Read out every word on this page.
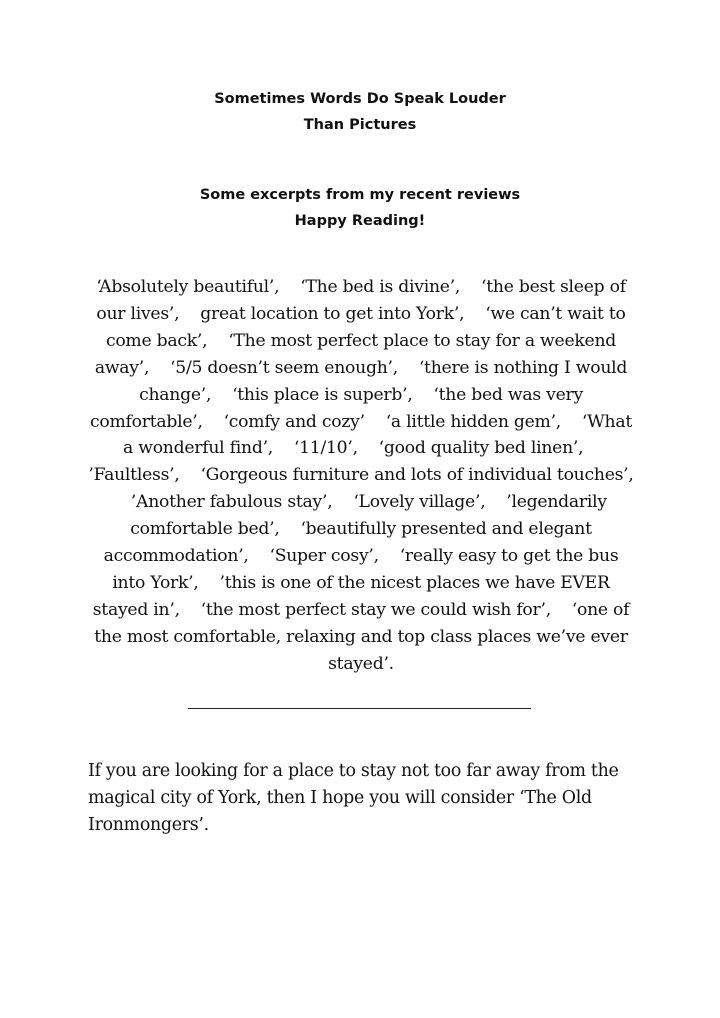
Sometimes Words Do Speak Louder
Than Pictures
Some excerpts from my recent reviews
Happy Reading!
‘Absolutely beautiful’, ‘The bed is divine’, ‘the best sleep of our lives’, great location to get into York’, ‘we can’t wait to come back’, ‘The most perfect place to stay for a weekend away’, ‘5/5 doesn’t seem enough’, ‘there is nothing I would change’, ‘this place is superb’, ‘the bed was very comfortable’, ‘comfy and cozy’ ‘a little hidden gem’, ‘What a wonderful find’, ‘11/10’, ‘good quality bed linen’,    ’Faultless’, ‘Gorgeous furniture and lots of individual touches’,    ’Another fabulous stay’, ‘Lovely village’, ’legendarily comfortable bed’, ‘beautifully presented and elegant accommodation’, ‘Super cosy’, ‘really easy to get the bus into York’, ’this is one of the nicest places we have EVER stayed in’, ‘the most perfect stay we could wish for’, ‘one of the most comfortable, relaxing and top class places we’ve ever stayed’.

If you are looking for a place to stay not too far away from the magical city of York, then I hope you will consider ‘The Old Ironmongers’.
